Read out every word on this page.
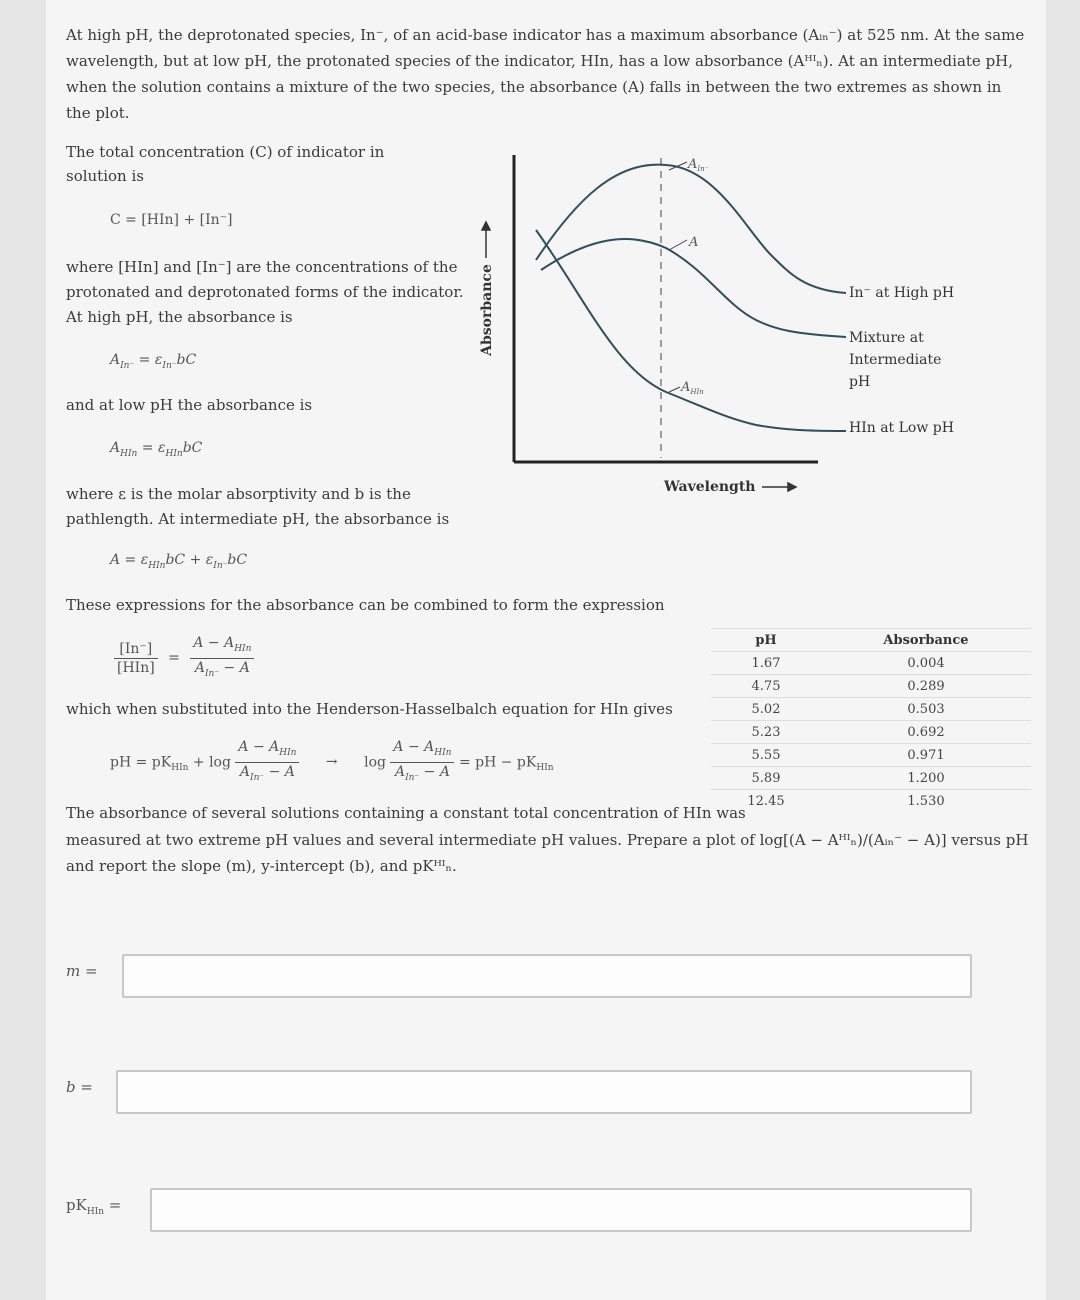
At high pH, the deprotonated species, In⁻, of an acid-base indicator has a maximum absorbance (Aᵢₙ⁻) at 525 nm. At the same
wavelength, but at low pH, the protonated species of the indicator, HIn, has a low absorbance (Aᴴᴵₙ). At an intermediate pH,
when the solution contains a mixture of the two species, the absorbance (A) falls in between the two extremes as shown in
the plot.
The total concentration (C) of indicator in
solution is
C = [HIn] + [In⁻]
where [HIn] and [In⁻] are the concentrations of the
protonated and deprotonated forms of the indicator.
At high pH, the absorbance is
$A_{In^-} = \varepsilon_{In^-}bC$
and at low pH the absorbance is
$A_{HIn} = \varepsilon_{HIn}bC$
where ε is the molar absorptivity and b is the
pathlength. At intermediate pH, the absorbance is
$A = \varepsilon_{HIn}bC + \varepsilon_{In^-}bC$
These expressions for the absorbance can be combined to form the expression
$\frac{[In^-]}{\text{[HIn]}} = \frac{A - A_{HIn}}{A_{In^-} - A}$
which when substituted into the Henderson-Hasselbalch equation for HIn gives
pH = $pK_{HIn} + \log \frac{A - A_{HIn}}{A_{In^-} - A} \to \log \frac{A - A_{HIn}}{A_{In^-} - A}$ = pH − $pK_{HIn}$
$A_{In^-}$
A
$A_{HIn}$
Absorbance
Wavelength
In⁻ at High pH
Mixture at
Intermediate
pH
HIn at Low pH
pH	Absorbance
1.67	0.004
4.75	0.289
5.02	0.503
5.23	0.692
5.55	0.971
5.89	1.200
12.45	1.530
The absorbance of several solutions containing a constant total concentration of HIn was
measured at two extreme pH values and several intermediate pH values. Prepare a plot of log[(A − Aᴴᴵₙ)/(Aᵢₙ⁻ − A)] versus pH
and report the slope (m), y-intercept (b), and pKᴴᴵₙ.
m =
b =
$pK_{HIn}$ =
